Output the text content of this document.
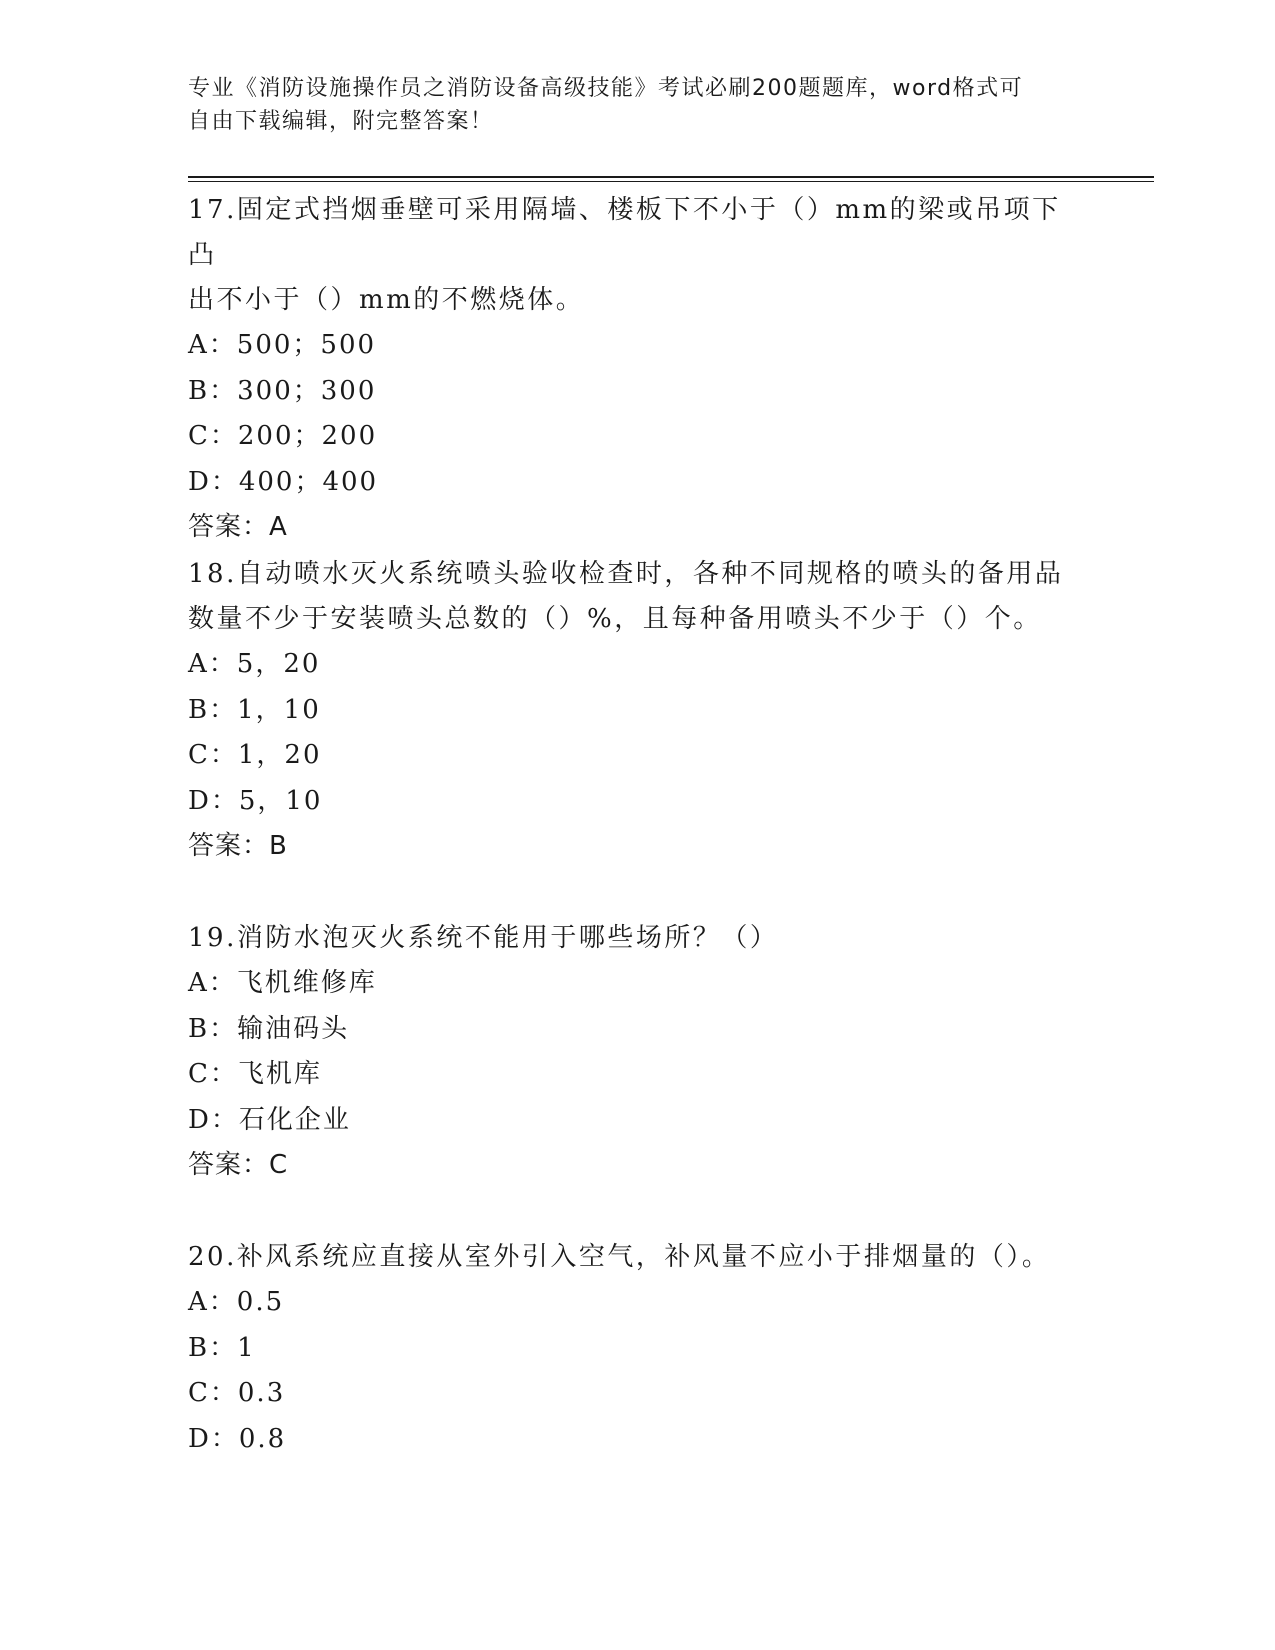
专业《消防设施操作员之消防设备高级技能》考试必刷200题题库，word格式可
自由下载编辑，附完整答案！
17.固定式挡烟垂壁可采用隔墙、楼板下不小于（）mm的梁或吊项下凸
出不小于（）mm的不燃烧体。
A：500；500
B：300；300
C：200；200
D：400；400
答案：A
18.自动喷水灭火系统喷头验收检查时，各种不同规格的喷头的备用品
数量不少于安装喷头总数的（）%，且每种备用喷头不少于（）个。
A：5，20
B：1，10
C：1，20
D：5，10
答案：B
19.消防水泡灭火系统不能用于哪些场所？（）
A：飞机维修库
B：输油码头
C：飞机库
D：石化企业
答案：C
20.补风系统应直接从室外引入空气，补风量不应小于排烟量的（）。
A：0.5
B：1
C：0.3
D：0.8
